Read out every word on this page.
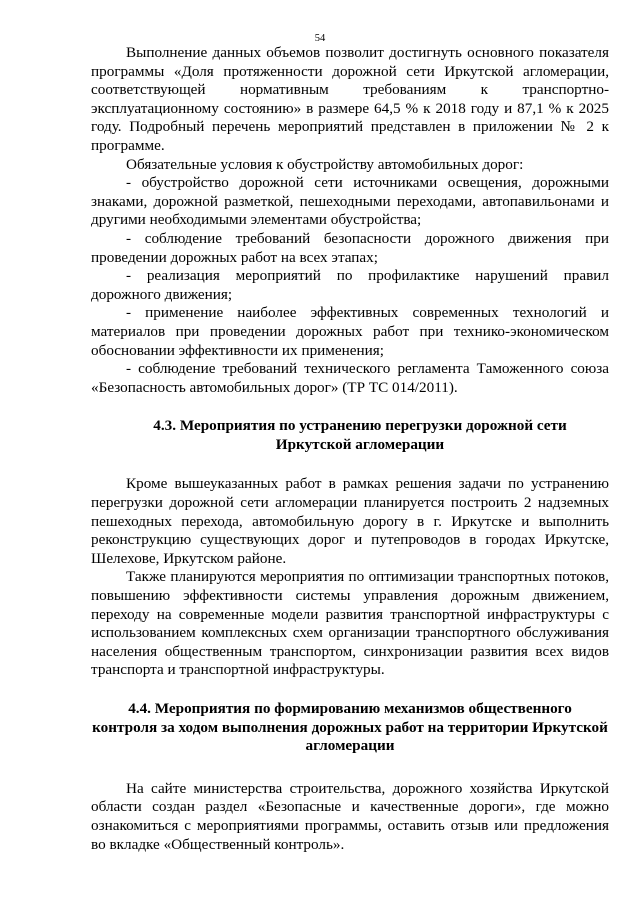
54

Выполнение данных объемов позволит достигнуть основного показателя программы «Доля протяженности дорожной сети Иркутской агломерации, соответствующей нормативным требованиям к транспортно-эксплуатационному состоянию» в размере 64,5 % к 2018 году и 87,1 % к 2025 году. Подробный перечень мероприятий представлен в приложении № 2 к программе.

Обязательные условия к обустройству автомобильных дорог:

- обустройство дорожной сети источниками освещения, дорожными знаками, дорожной разметкой, пешеходными переходами, автопавильонами и другими необходимыми элементами обустройства;

- соблюдение требований безопасности дорожного движения при проведении дорожных работ на всех этапах;

- реализация мероприятий по профилактике нарушений правил дорожного движения;

- применение наиболее эффективных современных технологий и материалов при проведении дорожных работ при технико-экономическом обосновании эффективности их применения;

- соблюдение требований технического регламента Таможенного союза «Безопасность автомобильных дорог» (ТР ТС 014/2011).

4.3. Мероприятия по устранению перегрузки дорожной сети
Иркутской агломерации

Кроме вышеуказанных работ в рамках решения задачи по устранению перегрузки дорожной сети агломерации планируется построить 2 надземных пешеходных перехода, автомобильную дорогу в г. Иркутске и выполнить реконструкцию существующих дорог и путепроводов в городах Иркутске, Шелехове, Иркутском районе.

Также планируются мероприятия по оптимизации транспортных потоков, повышению эффективности системы управления дорожным движением, переходу на современные модели развития транспортной инфраструктуры с использованием комплексных схем организации транспортного обслуживания населения общественным транспортом, синхронизации развития всех видов транспорта и транспортной инфраструктуры.

4.4. Мероприятия по формированию механизмов общественного
контроля за ходом выполнения дорожных работ на территории Иркутской
агломерации

На сайте министерства строительства, дорожного хозяйства Иркутской области создан раздел «Безопасные и качественные дороги», где можно ознакомиться с мероприятиями программы, оставить отзыв или предложения во вкладке «Общественный контроль».
